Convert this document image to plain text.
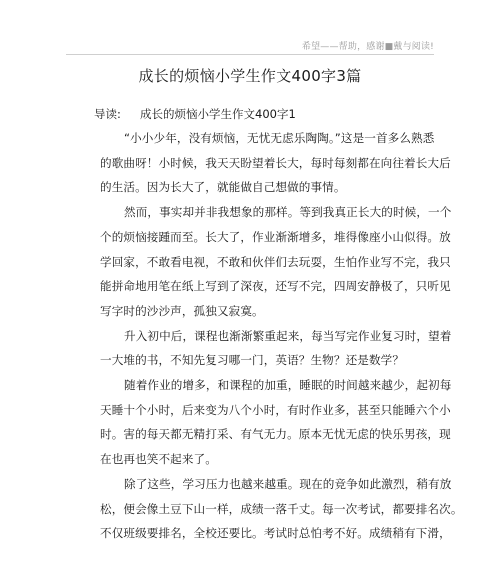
希望——帮助，感谢■戴与阅读!
成长的烦恼小学生作文400字3篇
导读: 成长的烦恼小学生作文400字1
“小小少年，没有烦恼，无忧无虑乐陶陶。”这是一首多么熟悉
的歌曲呀！小时候，我天天盼望着长大，每时每刻都在向往着长大后
的生活。因为长大了，就能做自己想做的事情。
然而，事实却并非我想象的那样。等到我真正长大的时候，一个
个的烦恼接踵而至。长大了，作业渐渐增多，堆得像座小山似得。放
学回家，不敢看电视，不敢和伙伴们去玩耍，生怕作业写不完，我只
能拼命地用笔在纸上写到了深夜，还写不完，四周安静极了，只听见
写字时的沙沙声，孤独又寂寞。
升入初中后，课程也渐渐繁重起来，每当写完作业复习时，望着
一大堆的书，不知先复习哪一门，英语？生物？还是数学？
随着作业的增多，和课程的加重，睡眠的时间越来越少，起初每
天睡十个小时，后来变为八个小时，有时作业多，甚至只能睡六个小
时。害的每天都无精打采、有气无力。原本无忧无虑的快乐男孩，现
在也再也笑不起来了。
除了这些，学习压力也越来越重。现在的竞争如此激烈，稍有放
松，便会像土豆下山一样，成绩一落千丈。每一次考试，都要排名次。
不仅班级要排名，全校还要比。考试时总怕考不好。成绩稍有下滑，
